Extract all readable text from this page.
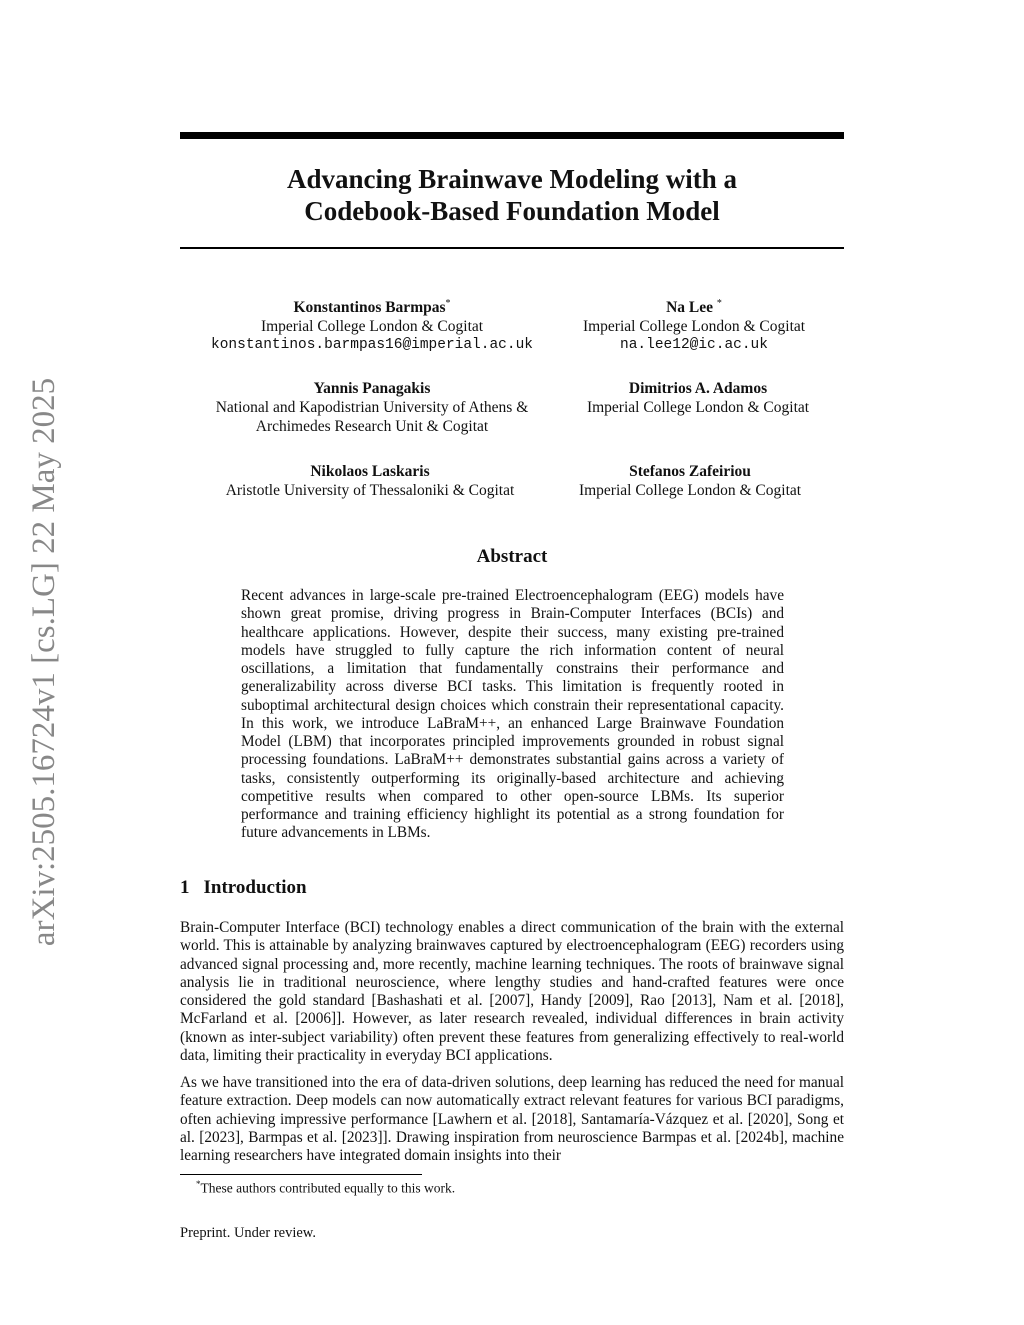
arXiv:2505.16724v1 [cs.LG] 22 May 2025
Advancing Brainwave Modeling with a
Codebook-Based Foundation Model
Konstantinos Barmpas*
Imperial College London & Cogitat
konstantinos.barmpas16@imperial.ac.uk
Na Lee *
Imperial College London & Cogitat
na.lee12@ic.ac.uk
Yannis Panagakis
National and Kapodistrian University of Athens &
Archimedes Research Unit & Cogitat
Dimitrios A. Adamos
Imperial College London & Cogitat
Nikolaos Laskaris
Aristotle University of Thessaloniki & Cogitat
Stefanos Zafeiriou
Imperial College London & Cogitat
Abstract

Recent advances in large-scale pre-trained Electroencephalogram (EEG) models have shown great promise, driving progress in Brain-Computer Interfaces (BCIs) and healthcare applications. However, despite their success, many existing pre-trained models have struggled to fully capture the rich information content of neural oscillations, a limitation that fundamentally constrains their performance and generalizability across diverse BCI tasks. This limitation is frequently rooted in suboptimal architectural design choices which constrain their representational capacity. In this work, we introduce LaBraM++, an enhanced Large Brainwave Foundation Model (LBM) that incorporates principled improvements grounded in robust signal processing foundations. LaBraM++ demonstrates substantial gains across a variety of tasks, consistently outperforming its originally-based architecture and achieving competitive results when compared to other open-source LBMs. Its superior performance and training efficiency highlight its potential as a strong foundation for future advancements in LBMs.

1 Introduction

Brain-Computer Interface (BCI) technology enables a direct communication of the brain with the external world. This is attainable by analyzing brainwaves captured by electroencephalogram (EEG) recorders using advanced signal processing and, more recently, machine learning techniques. The roots of brainwave signal analysis lie in traditional neuroscience, where lengthy studies and hand-crafted features were once considered the gold standard [Bashashati et al. [2007], Handy [2009], Rao [2013], Nam et al. [2018], McFarland et al. [2006]]. However, as later research revealed, individual differences in brain activity (known as inter-subject variability) often prevent these features from generalizing effectively to real-world data, limiting their practicality in everyday BCI applications.

As we have transitioned into the era of data-driven solutions, deep learning has reduced the need for manual feature extraction. Deep models can now automatically extract relevant features for various BCI paradigms, often achieving impressive performance [Lawhern et al. [2018], Santamaría-Vázquez et al. [2020], Song et al. [2023], Barmpas et al. [2023]]. Drawing inspiration from neuroscience Barmpas et al. [2024b], machine learning researchers have integrated domain insights into their

*These authors contributed equally to this work.

Preprint. Under review.
